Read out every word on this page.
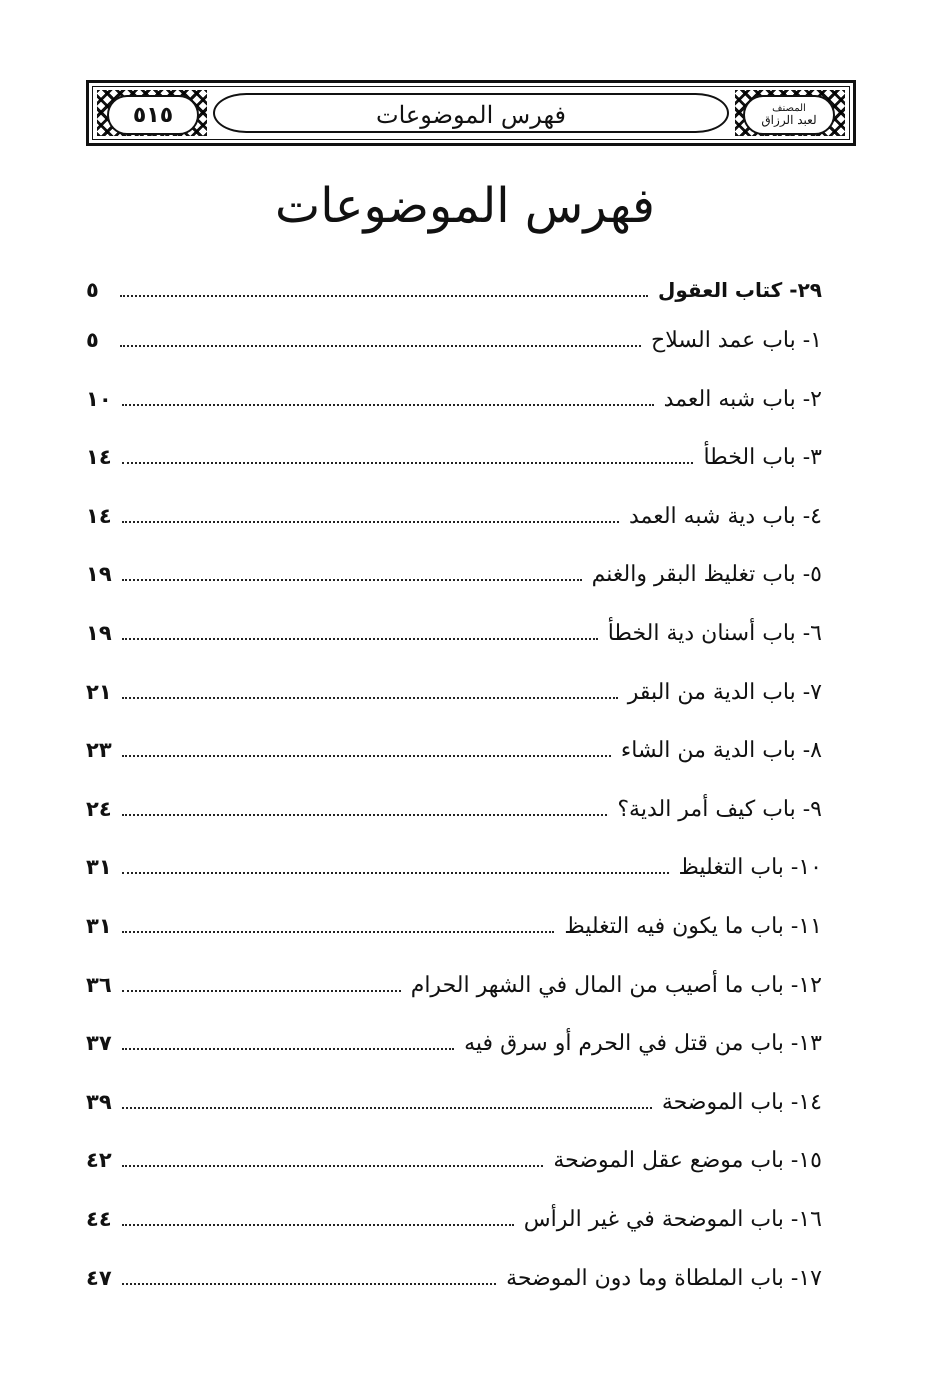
فهرس الموضوعات
٥١٥	المصنف
لعبد الرزاق
فهرس الموضوعات
٢٩- كتاب العقول
٥
١- باب عمد السلاح
٥
٢- باب شبه العمد
١٠
٣- باب الخطأ
١٤
٤- باب دية شبه العمد
١٤
٥- باب تغليظ البقر والغنم
١٩
٦- باب أسنان دية الخطأ
١٩
٧- باب الدية من البقر
٢١
٨- باب الدية من الشاء
٢٣
٩- باب كيف أمر الدية؟
٢٤
١٠- باب التغليظ
٣١
١١- باب ما يكون فيه التغليظ
٣١
١٢- باب ما أصيب من المال في الشهر الحرام
٣٦
١٣- باب من قتل في الحرم أو سرق فيه
٣٧
١٤- باب الموضحة
٣٩
١٥- باب موضع عقل الموضحة
٤٢
١٦- باب الموضحة في غير الرأس
٤٤
١٧- باب الملطاة وما دون الموضحة
٤٧
